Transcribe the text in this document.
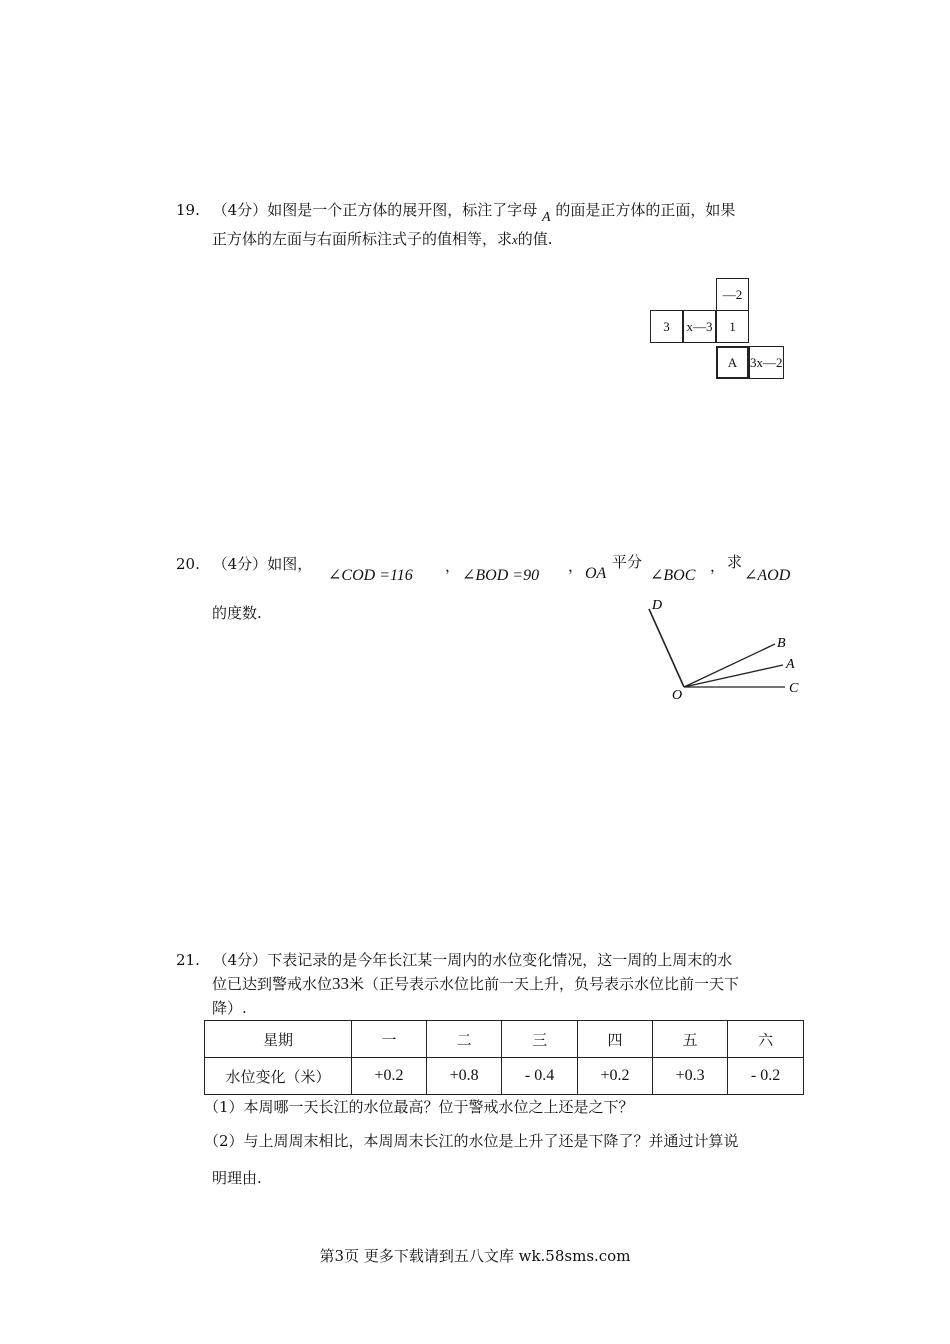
19. （4分）如图是一个正方体的展开图，标注了字母 A 的面是正方体的正面，如果
正方体的左面与右面所标注式子的值相等，求x的值.
—2
3	x—3	1
A 3x—2
20. （4分）如图，
∠COD =116
，
∠BOD =90
， OA
平分
∠BOC
， 求
∠AOD
的度数.	D
B
A
O	C
21. （4分）下表记录的是今年长江某一周内的水位变化情况，这一周的上周末的水
位已达到警戒水位33米（正号表示水位比前一天上升，负号表示水位比前一天下
降）.
星期	一	二	三	四	五	六
水位变化（米）	+0.2	+0.8	- 0.4	+0.2	+0.3	- 0.2
（1）本周哪一天长江的水位最高？位于警戒水位之上还是之下？
（2）与上周周末相比，本周周末长江的水位是上升了还是下降了？并通过计算说
明理由.
第3页 更多下载请到五八文库 wk.58sms.com
